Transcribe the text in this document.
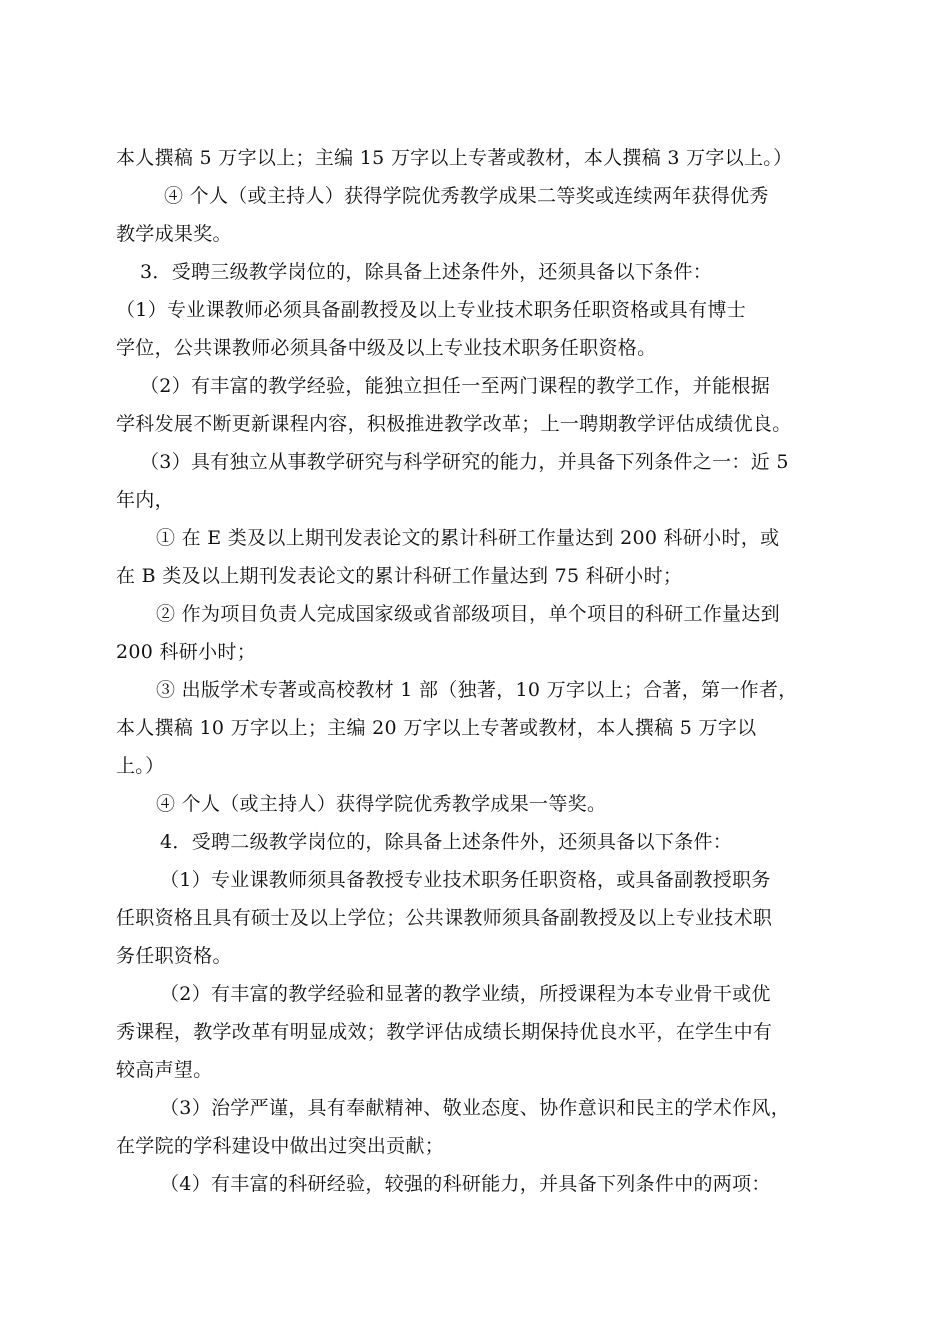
本人撰稿 5 万字以上；主编 15 万字以上专著或教材，本人撰稿 3 万字以上。）
④ 个人（或主持人）获得学院优秀教学成果二等奖或连续两年获得优秀
教学成果奖。
3．受聘三级教学岗位的，除具备上述条件外，还须具备以下条件：
（1）专业课教师必须具备副教授及以上专业技术职务任职资格或具有博士
学位，公共课教师必须具备中级及以上专业技术职务任职资格。
（2）有丰富的教学经验，能独立担任一至两门课程的教学工作，并能根据
学科发展不断更新课程内容，积极推进教学改革；上一聘期教学评估成绩优良。
（3）具有独立从事教学研究与科学研究的能力，并具备下列条件之一：近 5
年内，
① 在 E 类及以上期刊发表论文的累计科研工作量达到 200 科研小时，或
在 B 类及以上期刊发表论文的累计科研工作量达到 75 科研小时；
② 作为项目负责人完成国家级或省部级项目，单个项目的科研工作量达到
200 科研小时；
③ 出版学术专著或高校教材 1 部（独著，10 万字以上；合著，第一作者，
本人撰稿 10 万字以上；主编 20 万字以上专著或教材，本人撰稿 5 万字以
上。）
④ 个人（或主持人）获得学院优秀教学成果一等奖。
4．受聘二级教学岗位的，除具备上述条件外，还须具备以下条件：
（1）专业课教师须具备教授专业技术职务任职资格，或具备副教授职务
任职资格且具有硕士及以上学位；公共课教师须具备副教授及以上专业技术职
务任职资格。
（2）有丰富的教学经验和显著的教学业绩，所授课程为本专业骨干或优
秀课程，教学改革有明显成效；教学评估成绩长期保持优良水平，在学生中有
较高声望。
（3）治学严谨，具有奉献精神、敬业态度、协作意识和民主的学术作风，
在学院的学科建设中做出过突出贡献；
（4）有丰富的科研经验，较强的科研能力，并具备下列条件中的两项：
